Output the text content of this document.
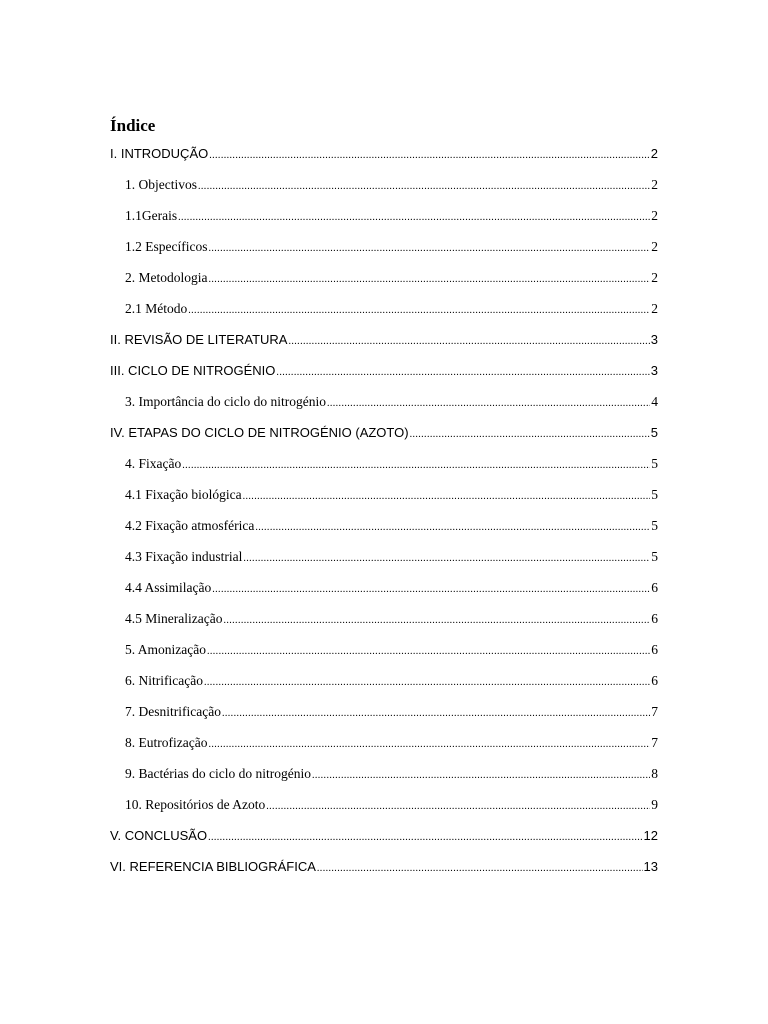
Índice
I. INTRODUÇÃO .....	2
1. Objectivos .....	2
1.1Gerais .....	2
1.2 Específicos .....	2
2. Metodologia .....	2
2.1 Método .....	2
II. REVISÃO DE LITERATURA .....	3
III. CICLO DE NITROGÉNIO .....	3
3. Importância do ciclo do nitrogénio .....	4
IV. ETAPAS DO CICLO DE NITROGÉNIO (AZOTO) .....	5
4. Fixação .....	5
4.1 Fixação biológica .....	5
4.2 Fixação atmosférica .....	5
4.3 Fixação industrial .....	5
4.4 Assimilação .....	6
4.5 Mineralização .....	6
5. Amonização .....	6
6. Nitrificação .....	6
7. Desnitrificação .....	7
8. Eutrofização .....	7
9. Bactérias do ciclo do nitrogénio .....	8
10. Repositórios de Azoto .....	9
V. CONCLUSÃO .....	12
VI. REFERENCIA BIBLIOGRÁFICA .....	13
